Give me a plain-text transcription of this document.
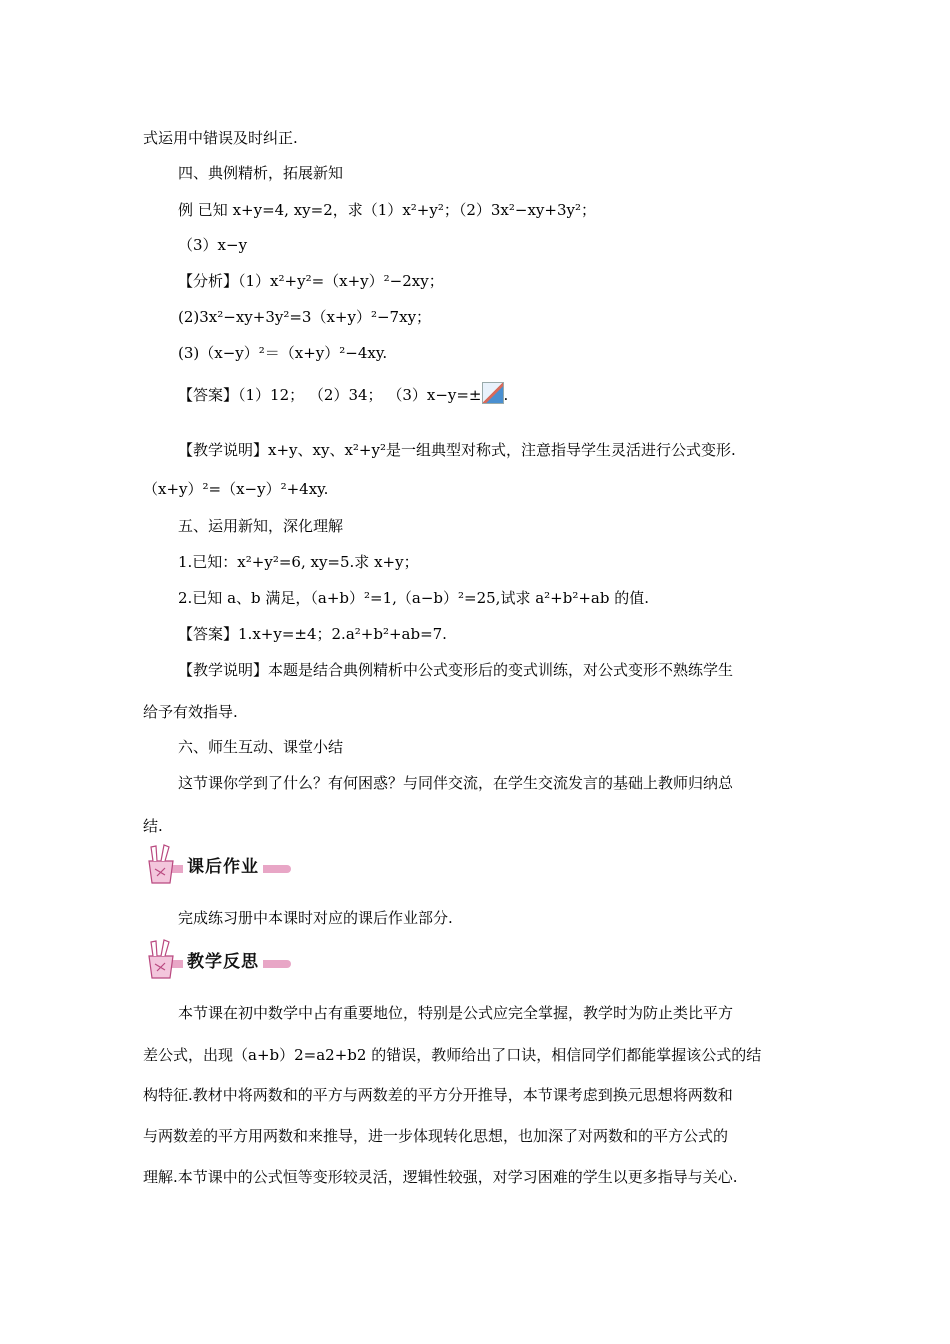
式运用中错误及时纠正.
四、典例精析，拓展新知
例 已知 x+y=4, xy=2，求（1）x²+y²；（2）3x²−xy+3y²；
（3）x−y
【分析】（1）x²+y²=（x+y）²−2xy；
(2)3x²−xy+3y²=3（x+y）²−7xy；
(3)（x−y）²＝（x+y）²−4xy.
【答案】（1）12； （2）34； （3）x−y=± .
【教学说明】x+y、xy、x²+y²是一组典型对称式，注意指导学生灵活进行公式变形.
（x+y）²=（x−y）²+4xy.
五、运用新知，深化理解
1.已知：x²+y²=6, xy=5.求 x+y；
2.已知 a、b 满足，（a+b）²=1,（a−b）²=25,试求 a²+b²+ab 的值.
【答案】1.x+y=±4；2.a²+b²+ab=7.
【教学说明】本题是结合典例精析中公式变形后的变式训练，对公式变形不熟练学生
给予有效指导.
六、师生互动、课堂小结
这节课你学到了什么？有何困惑？与同伴交流，在学生交流发言的基础上教师归纳总
结.
课后作业
完成练习册中本课时对应的课后作业部分.
教学反思
本节课在初中数学中占有重要地位，特别是公式应完全掌握，教学时为防止类比平方
差公式，出现（a+b）2=a2+b2 的错误，教师给出了口诀，相信同学们都能掌握该公式的结
构特征.教材中将两数和的平方与两数差的平方分开推导，本节课考虑到换元思想将两数和
与两数差的平方用两数和来推导，进一步体现转化思想，也加深了对两数和的平方公式的
理解.本节课中的公式恒等变形较灵活，逻辑性较强，对学习困难的学生以更多指导与关心.
